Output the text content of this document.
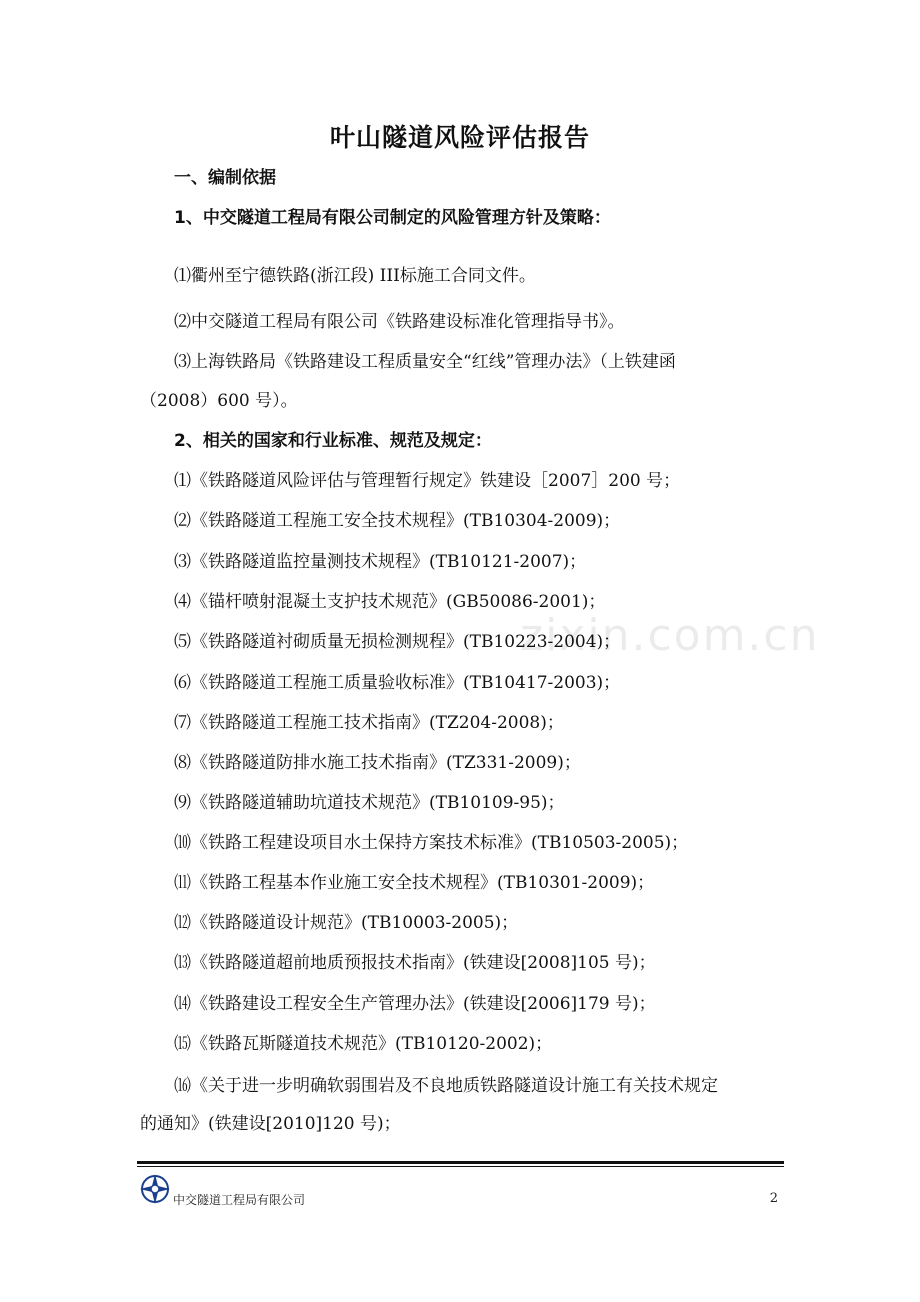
叶山隧道风险评估报告

一、编制依据

1、中交隧道工程局有限公司制定的风险管理方针及策略：

⑴衢州至宁德铁路(浙江段) III标施工合同文件。

⑵中交隧道工程局有限公司《铁路建设标准化管理指导书》。

⑶上海铁路局《铁路建设工程质量安全“红线”管理办法》（上铁建函

（2008）600 号）。

2、相关的国家和行业标准、规范及规定：

⑴《铁路隧道风险评估与管理暂行规定》铁建设［2007］200 号；

⑵《铁路隧道工程施工安全技术规程》(TB10304-2009)；

⑶《铁路隧道监控量测技术规程》(TB10121-2007)；

⑷《锚杆喷射混凝土支护技术规范》(GB50086-2001)；

⑸《铁路隧道衬砌质量无损检测规程》(TB10223-2004)；

⑹《铁路隧道工程施工质量验收标准》(TB10417-2003)；

⑺《铁路隧道工程施工技术指南》(TZ204-2008)；

⑻《铁路隧道防排水施工技术指南》(TZ331-2009)；

⑼《铁路隧道辅助坑道技术规范》(TB10109-95)；

⑽《铁路工程建设项目水土保持方案技术标准》(TB10503-2005)；

⑾《铁路工程基本作业施工安全技术规程》(TB10301-2009)；

⑿《铁路隧道设计规范》(TB10003-2005)；

⒀《铁路隧道超前地质预报技术指南》(铁建设[2008]105 号)；

⒁《铁路建设工程安全生产管理办法》(铁建设[2006]179 号)；

⒂《铁路瓦斯隧道技术规范》(TB10120-2002)；

⒃《关于进一步明确软弱围岩及不良地质铁路隧道设计施工有关技术规定

的通知》(铁建设[2010]120 号)；

zixin.com.cn
中交隧道工程局有限公司	2
